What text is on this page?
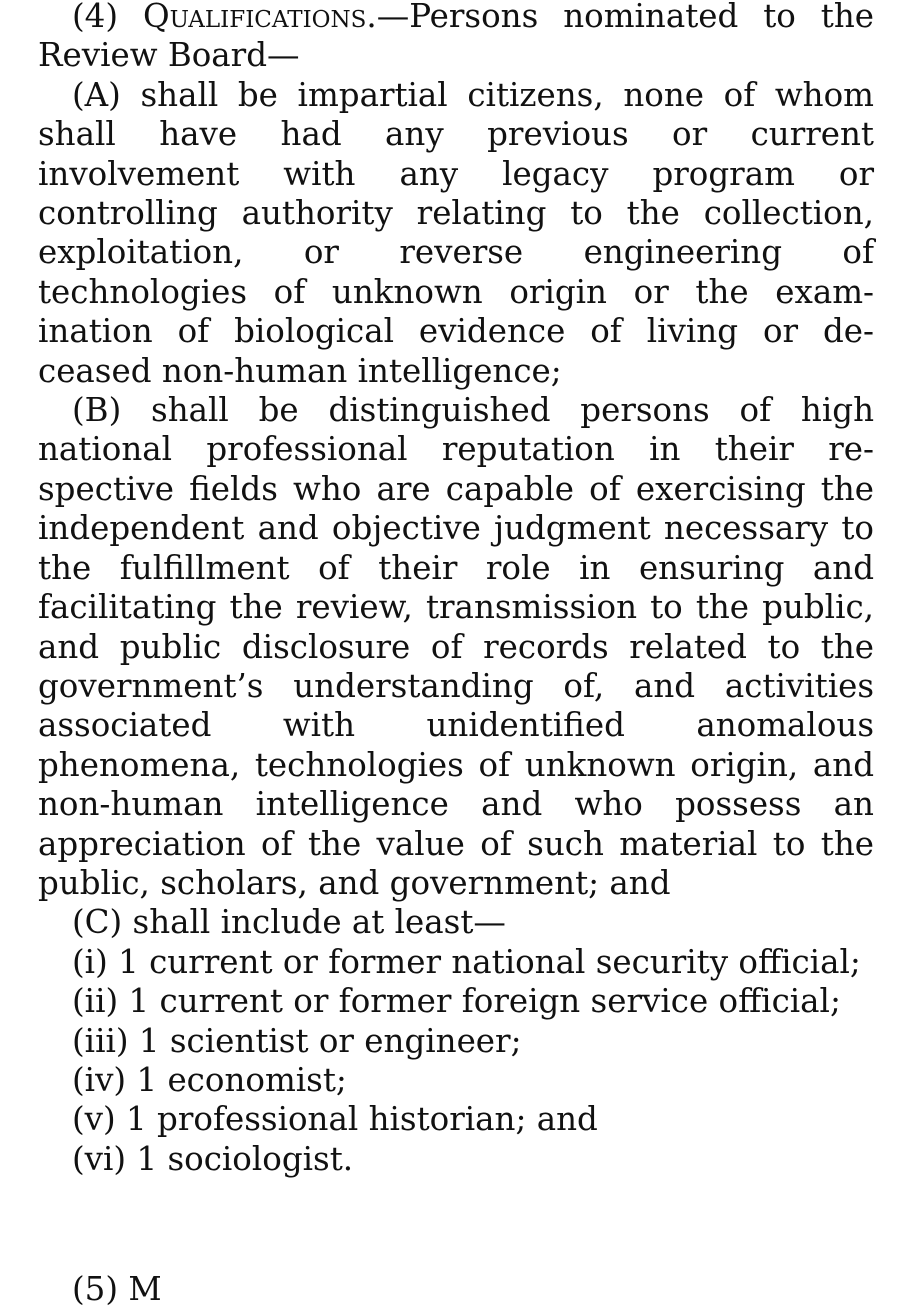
(4) Qualifications.—Persons nominated to the Review Board—

(A) shall be impartial citizens, none of whom shall have had any previous or current involvement with any legacy program or controlling authority relating to the collection, exploitation, or reverse engineering of technologies of unknown origin or the examination of biological evidence of living or deceased non-human intelligence;

(B) shall be distinguished persons of high national professional reputation in their respective fields who are capable of exercising the independent and objective judgment necessary to the fulfillment of their role in ensuring and facilitating the review, transmission to the public, and public disclosure of records related to the government’s understanding of, and activities associated with unidentified anomalous phenomena, technologies of unknown origin, and non-human intelligence and who possess an appreciation of the value of such material to the public, scholars, and government; and

(C) shall include at least—

(i) 1 current or former national security official;

(ii) 1 current or former foreign service official;

(iii) 1 scientist or engineer;

(iv) 1 economist;

(v) 1 professional historian; and

(vi) 1 sociologist.

(5) M
